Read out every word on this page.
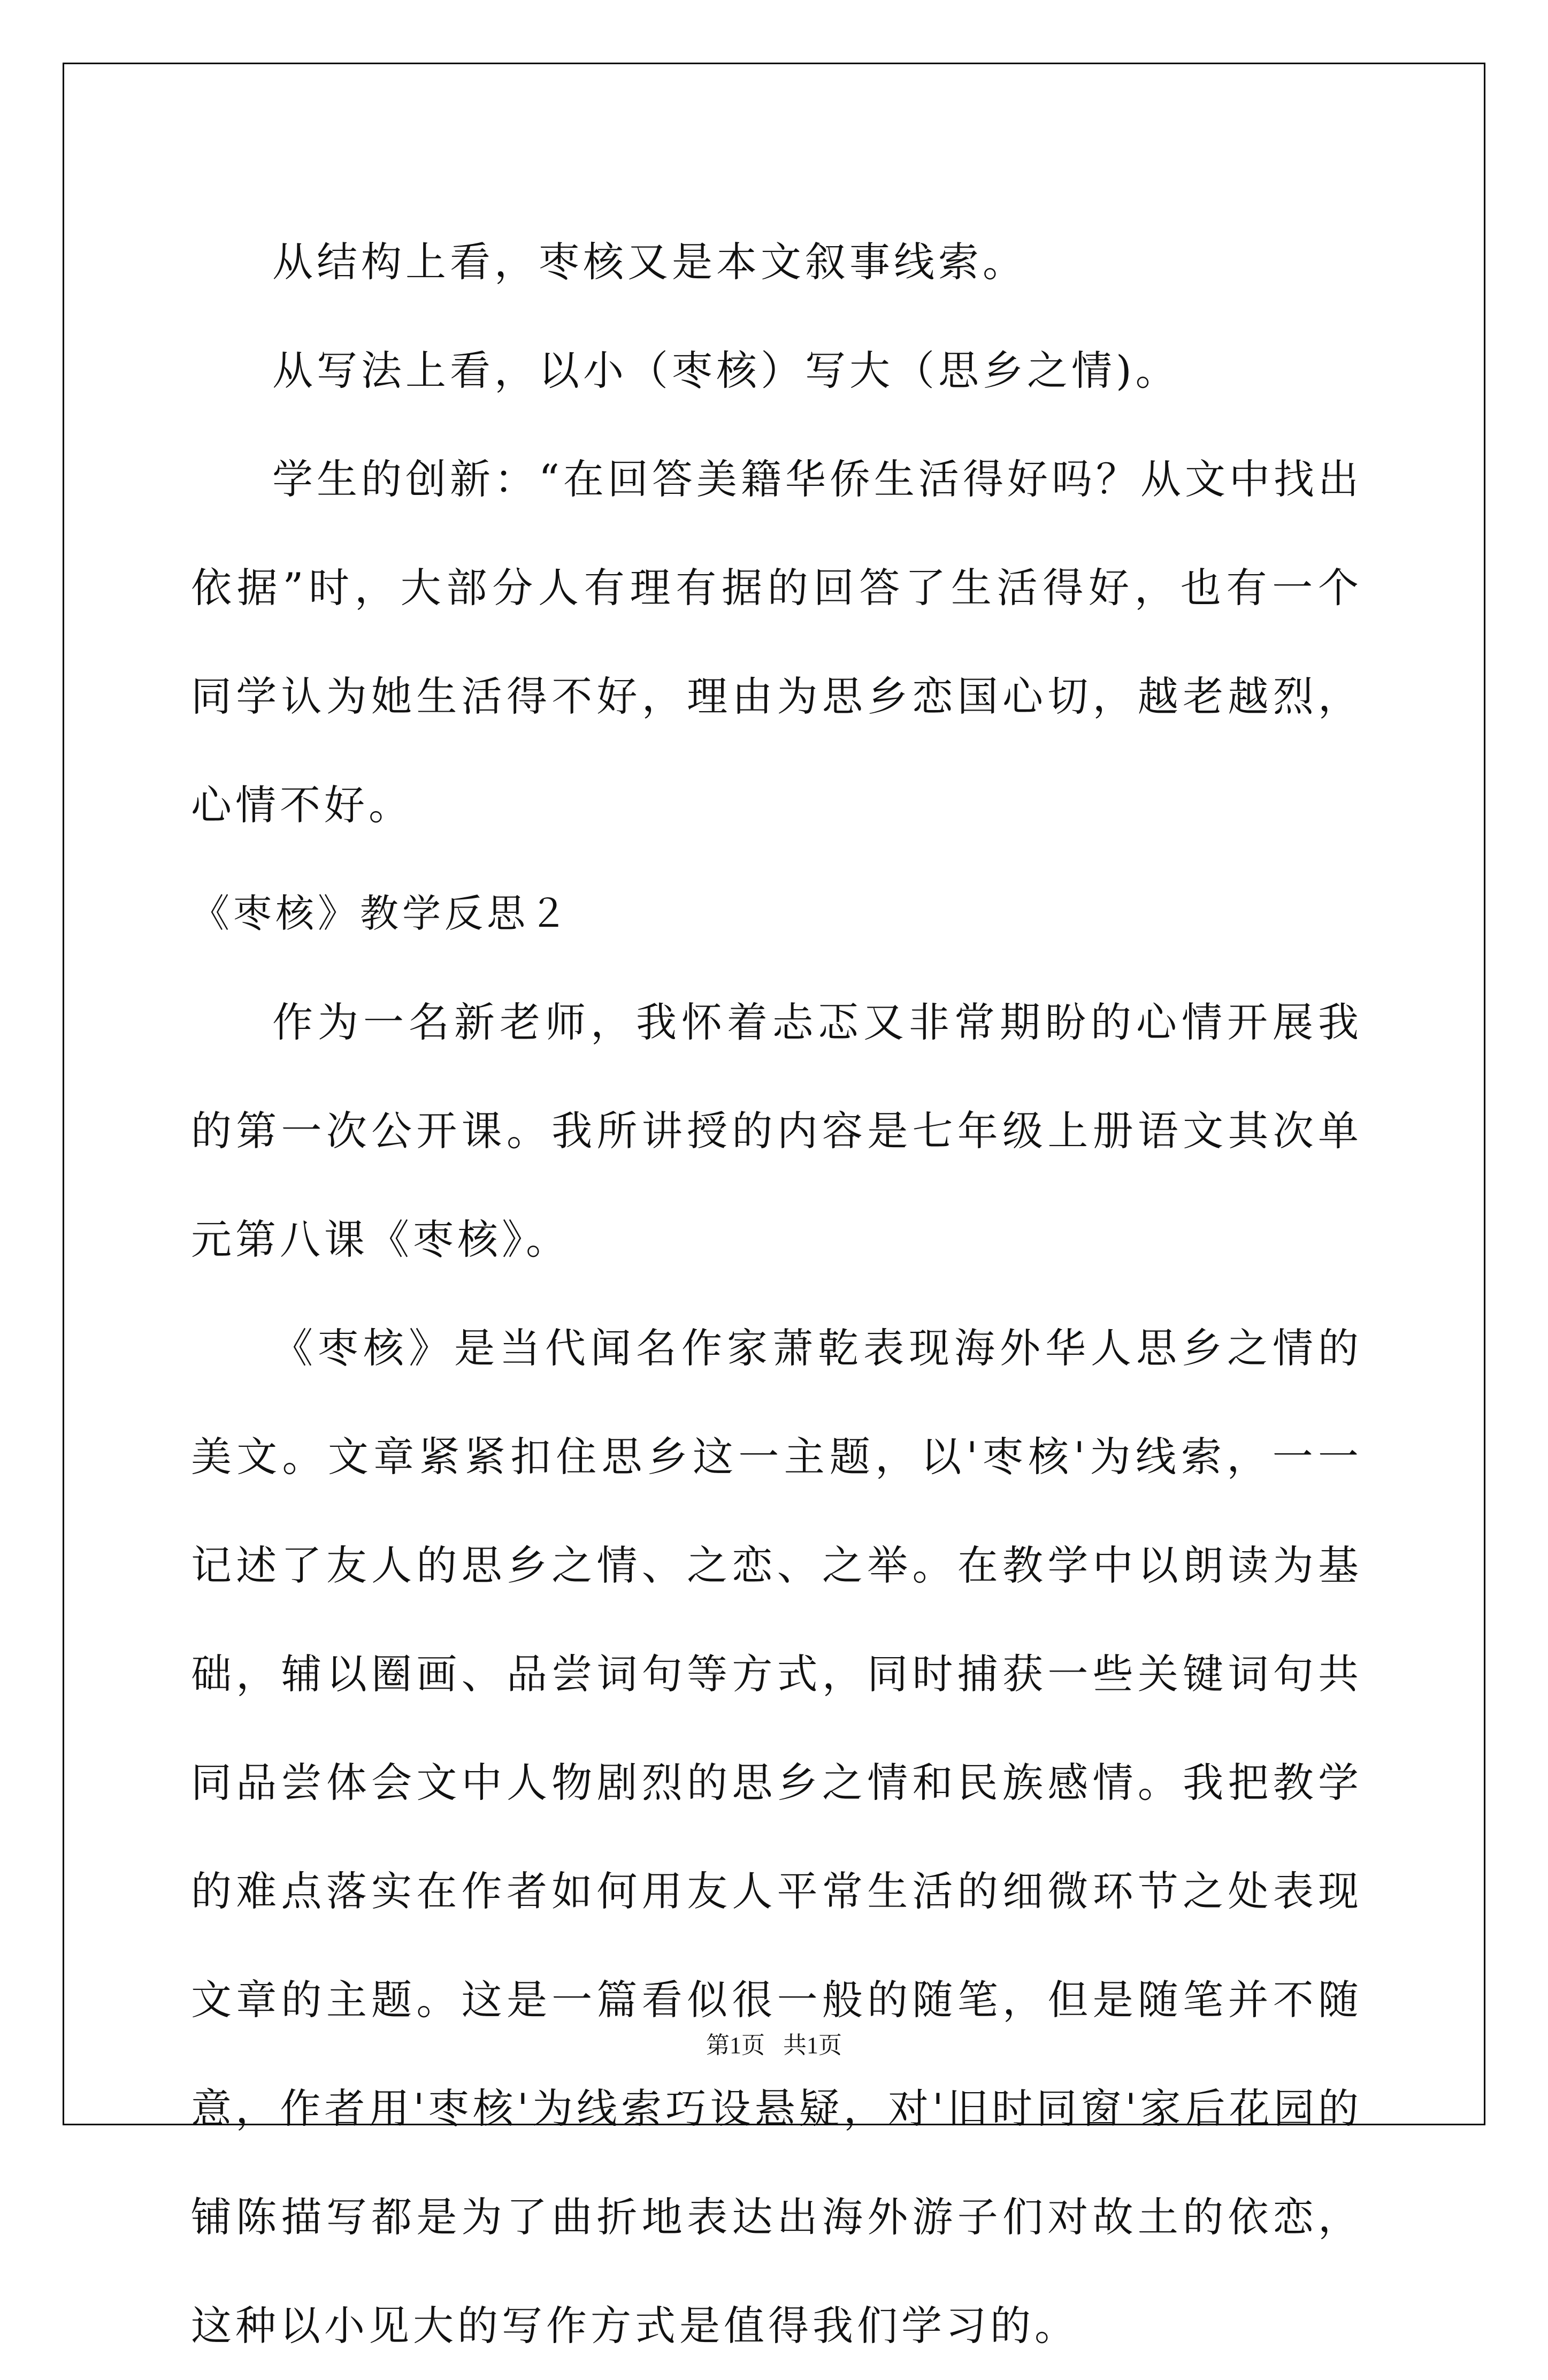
从结构上看，枣核又是本文叙事线索。

从写法上看，以小（枣核）写大（思乡之情)。

学生的创新：“在回答美籍华侨生活得好吗？从文中找出依据”时，大部分人有理有据的回答了生活得好，也有一个同学认为她生活得不好，理由为思乡恋国心切，越老越烈，心情不好。

《枣核》教学反思２

作为一名新老师，我怀着忐忑又非常期盼的心情开展我的第一次公开课。我所讲授的内容是七年级上册语文其次单元第八课《枣核》。

《枣核》是当代闻名作家萧乾表现海外华人思乡之情的美文。文章紧紧扣住思乡这一主题，以'枣核'为线索，一一记述了友人的思乡之情、之恋、之举。在教学中以朗读为基础，辅以圈画、品尝词句等方式，同时捕获一些关键词句共同品尝体会文中人物剧烈的思乡之情和民族感情。我把教学的难点落实在作者如何用友人平常生活的细微环节之处表现文章的主题。这是一篇看似很一般的随笔，但是随笔并不随意，作者用'枣核'为线索巧设悬疑，对'旧时同窗'家后花园的铺陈描写都是为了曲折地表达出海外游子们对故土的依恋，这种以小见大的写作方式是值得我们学习的。

第1页 共1页
